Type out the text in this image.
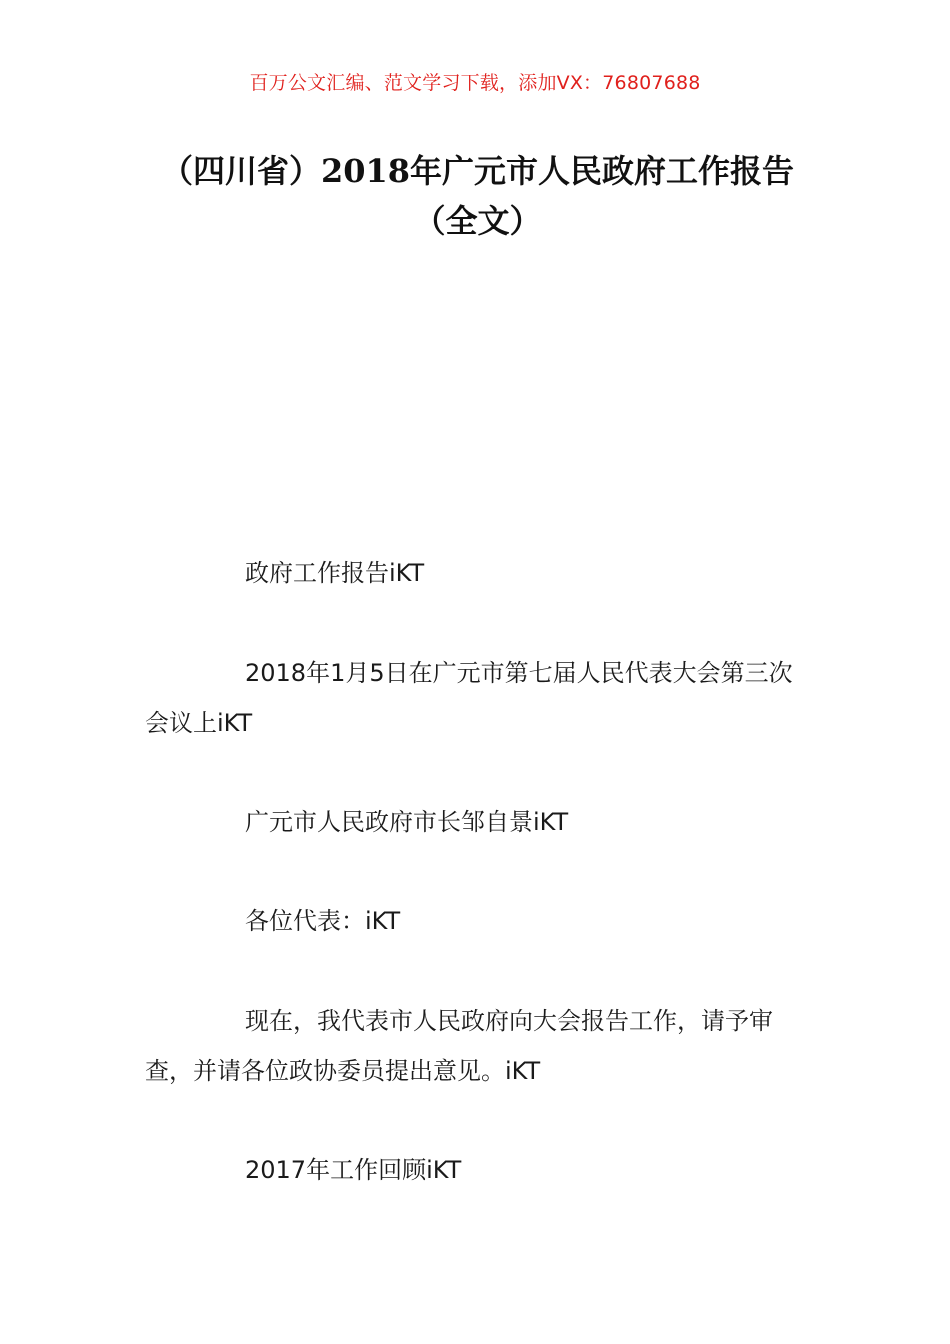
百万公文汇编、范文学习下载，添加VX：76807688
（四川省）2018年广元市人民政府工作报告（全文）
政府工作报告iKT
2018年1月5日在广元市第七届人民代表大会第三次会议上iKT
广元市人民政府市长邹自景iKT
各位代表：iKT
现在，我代表市人民政府向大会报告工作，请予审查，并请各位政协委员提出意见。iKT
2017年工作回顾iKT
